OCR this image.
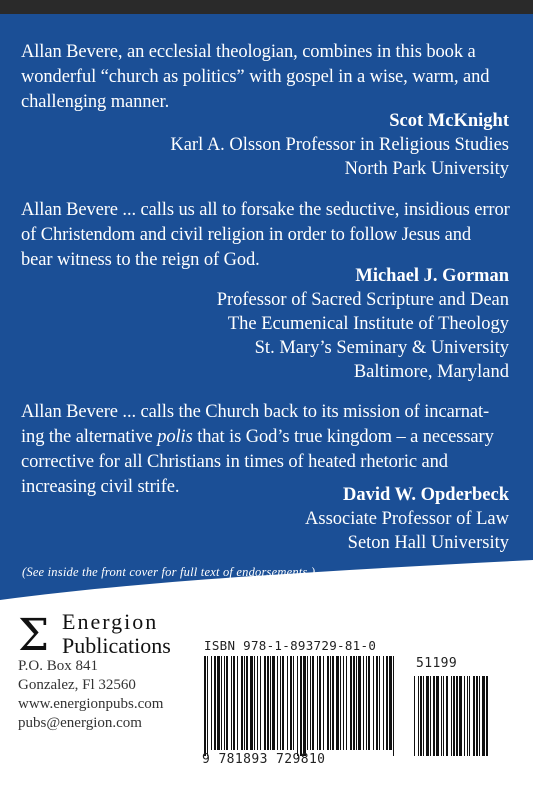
Allan Bevere, an ecclesial theologian, combines in this book a
wonderful “church as politics” with gospel in a wise, warm, and
challenging manner.
Scot McKnight
Karl A. Olsson Professor in Religious Studies
North Park University
Allan Bevere ... calls us all to forsake the seductive, insidious error
of Christendom and civil religion in order to follow Jesus and
bear witness to the reign of God.
Michael J. Gorman
Professor of Sacred Scripture and Dean
The Ecumenical Institute of Theology
St. Mary’s Seminary & University
Baltimore, Maryland
Allan Bevere ... calls the Church back to its mission of incarnat-
ing the alternative polis that is God’s true kingdom – a necessary
corrective for all Christians in times of heated rhetoric and
increasing civil strife.	David W. Opderbeck
Associate Professor of Law
Seton Hall University
(See inside the front cover for full text of endorsements.)
Σ Energion
Publications
P.O. Box 841
Gonzalez, Fl 32560
www.energionpubs.com
pubs@energion.com
ISBN 978-1-893729-81-0
51199
9 781893 729810
